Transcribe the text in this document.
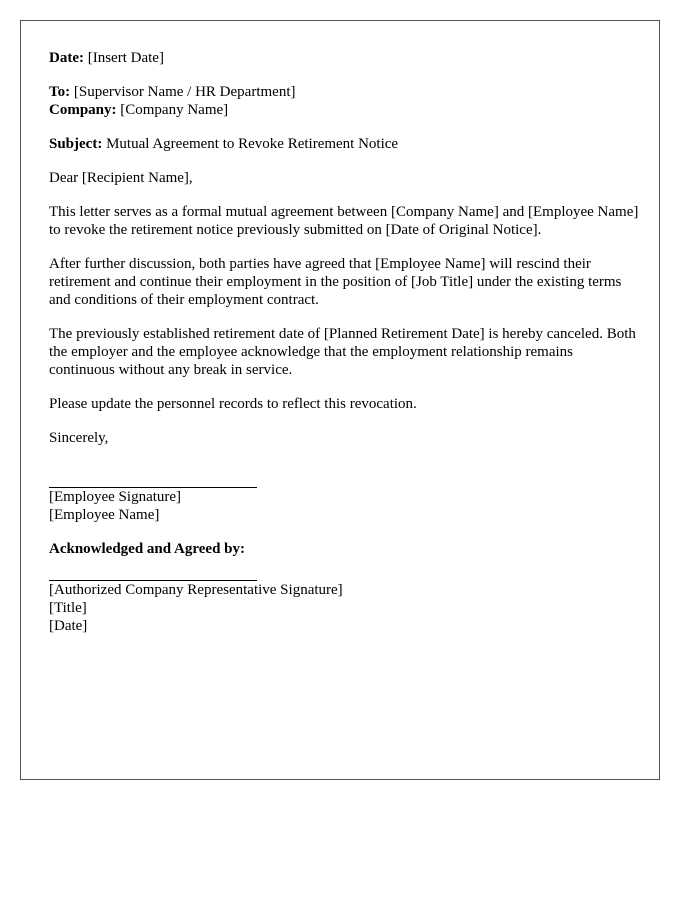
Date: [Insert Date]
To: [Supervisor Name / HR Department]
Company: [Company Name]
Subject: Mutual Agreement to Revoke Retirement Notice

Dear [Recipient Name],

This letter serves as a formal mutual agreement between [Company Name] and [Employee Name] to revoke the retirement notice previously submitted on [Date of Original Notice].

After further discussion, both parties have agreed that [Employee Name] will rescind their retirement and continue their employment in the position of [Job Title] under the existing terms and conditions of their employment contract.

The previously established retirement date of [Planned Retirement Date] is hereby canceled. Both the employer and the employee acknowledge that the employment relationship remains continuous without any break in service.

Please update the personnel records to reflect this revocation.

Sincerely,

[Employee Signature]
[Employee Name]
Acknowledged and Agreed by:
[Authorized Company Representative Signature]
[Title]
[Date]
